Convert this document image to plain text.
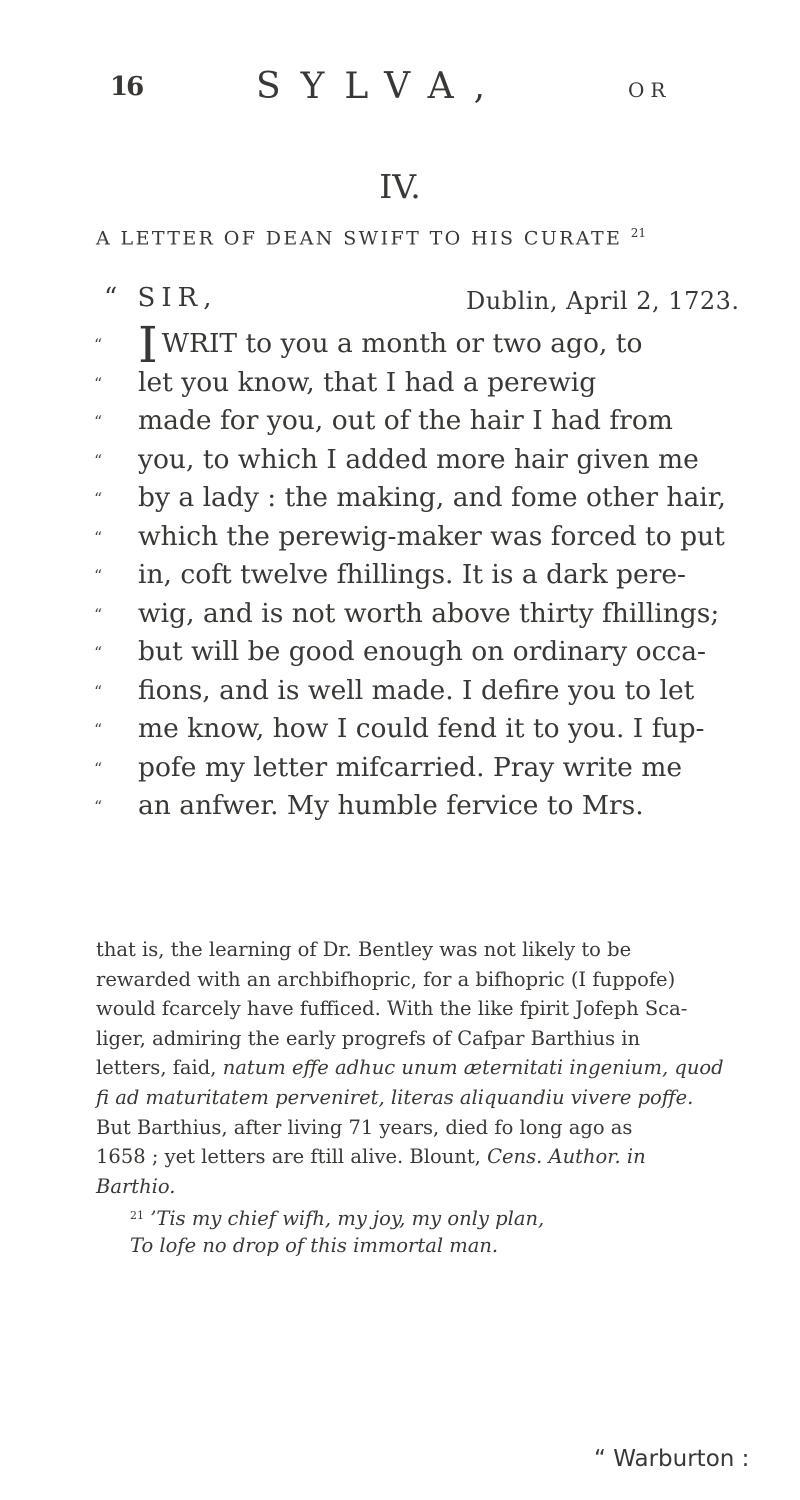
16	SYLVA,	OR
IV.
A LETTER OF DEAN SWIFT TO HIS CURATE $^{21}$
“ SIR,	Dublin, April 2, 1723.
“ IWRIT to you a month or two ago, to
“ let you know, that I had a perewig
“ made for you, out of the hair I had from
“ you, to which I added more hair given me
“ by a lady : the making, and fome other hair,
“ which the perewig-maker was forced to put
“ in, coft twelve fhillings. It is a dark pere-
“ wig, and is not worth above thirty fhillings;
“ but will be good enough on ordinary occa-
“ fions, and is well made. I defire you to let
“ me know, how I could fend it to you. I fup-
“ pofe my letter mifcarried. Pray write me
“ an anfwer. My humble fervice to Mrs.
that is, the learning of Dr. Bentley was not likely to be
rewarded with an archbifhopric, for a bifhopric (I fuppofe)
would fcarcely have fufficed. With the like fpirit Jofeph Sca-
liger, admiring the early progrefs of Cafpar Barthius in
letters, faid, natum effe adhuc unum æternitati ingenium, quod
fi ad maturitatem perveniret, literas aliquandiu vivere poffe.
But Barthius, after living 71 years, died fo long ago as
1658 ; yet letters are ftill alive. Blount, Cens. Author. in
Barthio.
$^{21}$ ’Tis my chief wifh, my joy, my only plan,
To lofe no drop of this immortal man.
“ Warburton :
